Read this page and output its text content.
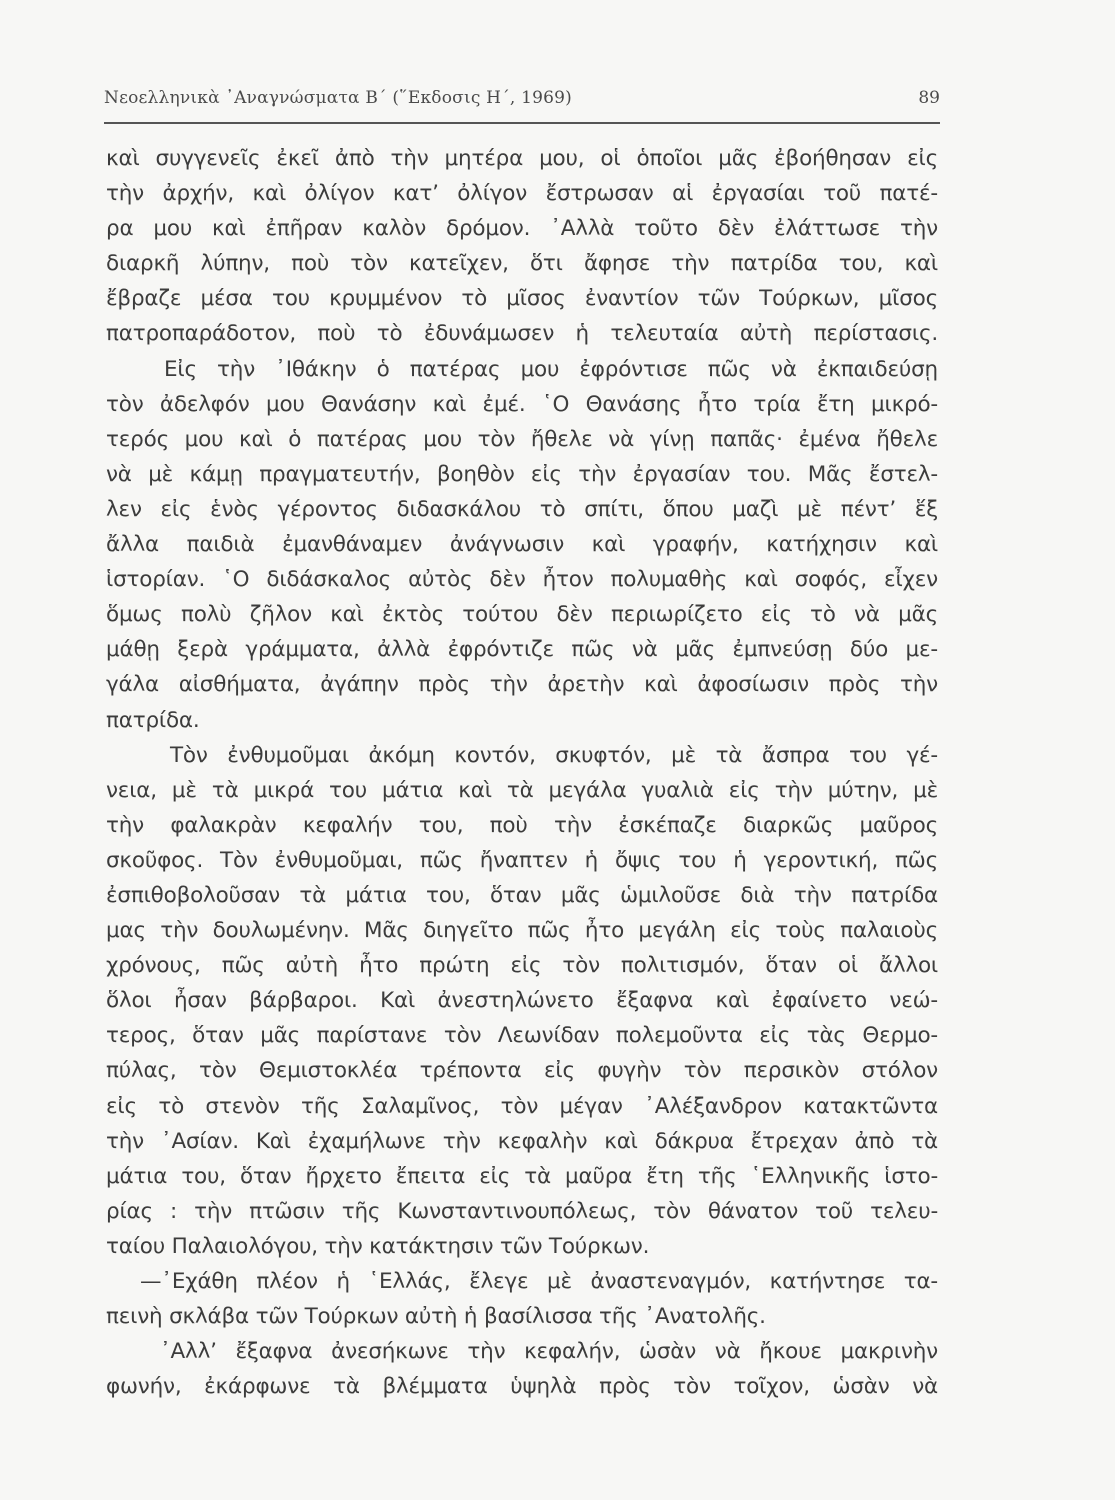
Νεοελληνικὰ ᾿Αναγνώσματα Β΄ (῞Εκδοσις Η΄, 1969)	89
καὶ συγγενεῖς ἐκεῖ ἀπὸ τὴν μητέρα μου, οἱ ὁποῖοι μᾶς ἐβοήθησαν εἰς
τὴν ἀρχήν, καὶ ὀλίγον κατ’ ὀλίγον ἔστρωσαν αἱ ἐργασίαι τοῦ πατέ-
ρα μου καὶ ἐπῆραν καλὸν δρόμον. ᾿Αλλὰ τοῦτο δὲν ἐλάττωσε τὴν
διαρκῆ λύπην, ποὺ τὸν κατεῖχεν, ὅτι ἄφησε τὴν πατρίδα του, καὶ
ἔβραζε μέσα του κρυμμένον τὸ μῖσος ἐναντίον τῶν Τούρκων, μῖσος
πατροπαράδοτον, ποὺ τὸ ἐδυνάμωσεν ἡ τελευταία αὐτὴ περίστασις.
Εἰς τὴν ᾿Ιθάκην ὁ πατέρας μου ἐφρόντισε πῶς νὰ ἐκπαιδεύσῃ
τὸν ἀδελφόν μου Θανάσην καὶ ἐμέ. ῾Ο Θανάσης ἦτο τρία ἔτη μικρό-
τερός μου καὶ ὁ πατέρας μου τὸν ἤθελε νὰ γίνῃ παπᾶς· ἐμένα ἤθελε
νὰ μὲ κάμῃ πραγματευτήν, βοηθὸν εἰς τὴν ἐργασίαν του. Μᾶς ἔστελ-
λεν εἰς ἑνὸς γέροντος διδασκάλου τὸ σπίτι, ὅπου μαζὶ μὲ πέντ’ ἕξ
ἄλλα παιδιὰ ἐμανθάναμεν ἀνάγνωσιν καὶ γραφήν, κατήχησιν καὶ
ἱστορίαν. ῾Ο διδάσκαλος αὐτὸς δὲν ἦτον πολυμαθὴς καὶ σοφός, εἶχεν
ὅμως πολὺ ζῆλον καὶ ἐκτὸς τούτου δὲν περιωρίζετο εἰς τὸ νὰ μᾶς
μάθῃ ξερὰ γράμματα, ἀλλὰ ἐφρόντιζε πῶς νὰ μᾶς ἐμπνεύσῃ δύο με-
γάλα αἰσθήματα, ἀγάπην πρὸς τὴν ἀρετὴν καὶ ἀφοσίωσιν πρὸς τὴν
πατρίδα.
Τὸν ἐνθυμοῦμαι ἀκόμη κοντόν, σκυφτόν, μὲ τὰ ἄσπρα του γέ-
νεια, μὲ τὰ μικρά του μάτια καὶ τὰ μεγάλα γυαλιὰ εἰς τὴν μύτην, μὲ
τὴν φαλακρὰν κεφαλήν του, ποὺ τὴν ἐσκέπαζε διαρκῶς μαῦρος
σκοῦφος. Τὸν ἐνθυμοῦμαι, πῶς ἤναπτεν ἡ ὄψις του ἡ γεροντική, πῶς
ἐσπιθοβολοῦσαν τὰ μάτια του, ὅταν μᾶς ὡμιλοῦσε διὰ τὴν πατρίδα
μας τὴν δουλωμένην. Μᾶς διηγεῖτο πῶς ἦτο μεγάλη εἰς τοὺς παλαιοὺς
χρόνους, πῶς αὐτὴ ἦτο πρώτη εἰς τὸν πολιτισμόν, ὅταν οἱ ἄλλοι
ὅλοι ἦσαν βάρβαροι. Καὶ ἀνεστηλώνετο ἔξαφνα καὶ ἐφαίνετο νεώ-
τερος, ὅταν μᾶς παρίστανε τὸν Λεωνίδαν πολεμοῦντα εἰς τὰς Θερμο-
πύλας, τὸν Θεμιστοκλέα τρέποντα εἰς φυγὴν τὸν περσικὸν στόλον
εἰς τὸ στενὸν τῆς Σαλαμῖνος, τὸν μέγαν ᾿Αλέξανδρον κατακτῶντα
τὴν ᾿Ασίαν. Καὶ ἐχαμήλωνε τὴν κεφαλὴν καὶ δάκρυα ἔτρεχαν ἀπὸ τὰ
μάτια του, ὅταν ἤρχετο ἔπειτα εἰς τὰ μαῦρα ἔτη τῆς ῾Ελληνικῆς ἱστο-
ρίας : τὴν πτῶσιν τῆς Κωνσταντινουπόλεως, τὸν θάνατον τοῦ τελευ-
ταίου Παλαιολόγου, τὴν κατάκτησιν τῶν Τούρκων.
—᾿Εχάθη πλέον ἡ ῾Ελλάς, ἔλεγε μὲ ἀναστεναγμόν, κατήντησε τα-
πεινὴ σκλάβα τῶν Τούρκων αὐτὴ ἡ βασίλισσα τῆς ᾿Ανατολῆς.
᾿Αλλ’ ἔξαφνα ἀνεσήκωνε τὴν κεφαλήν, ὡσὰν νὰ ἤκουε μακρινὴν
φωνήν, ἐκάρφωνε τὰ βλέμματα ὑψηλὰ πρὸς τὸν τοῖχον, ὡσὰν νὰ
